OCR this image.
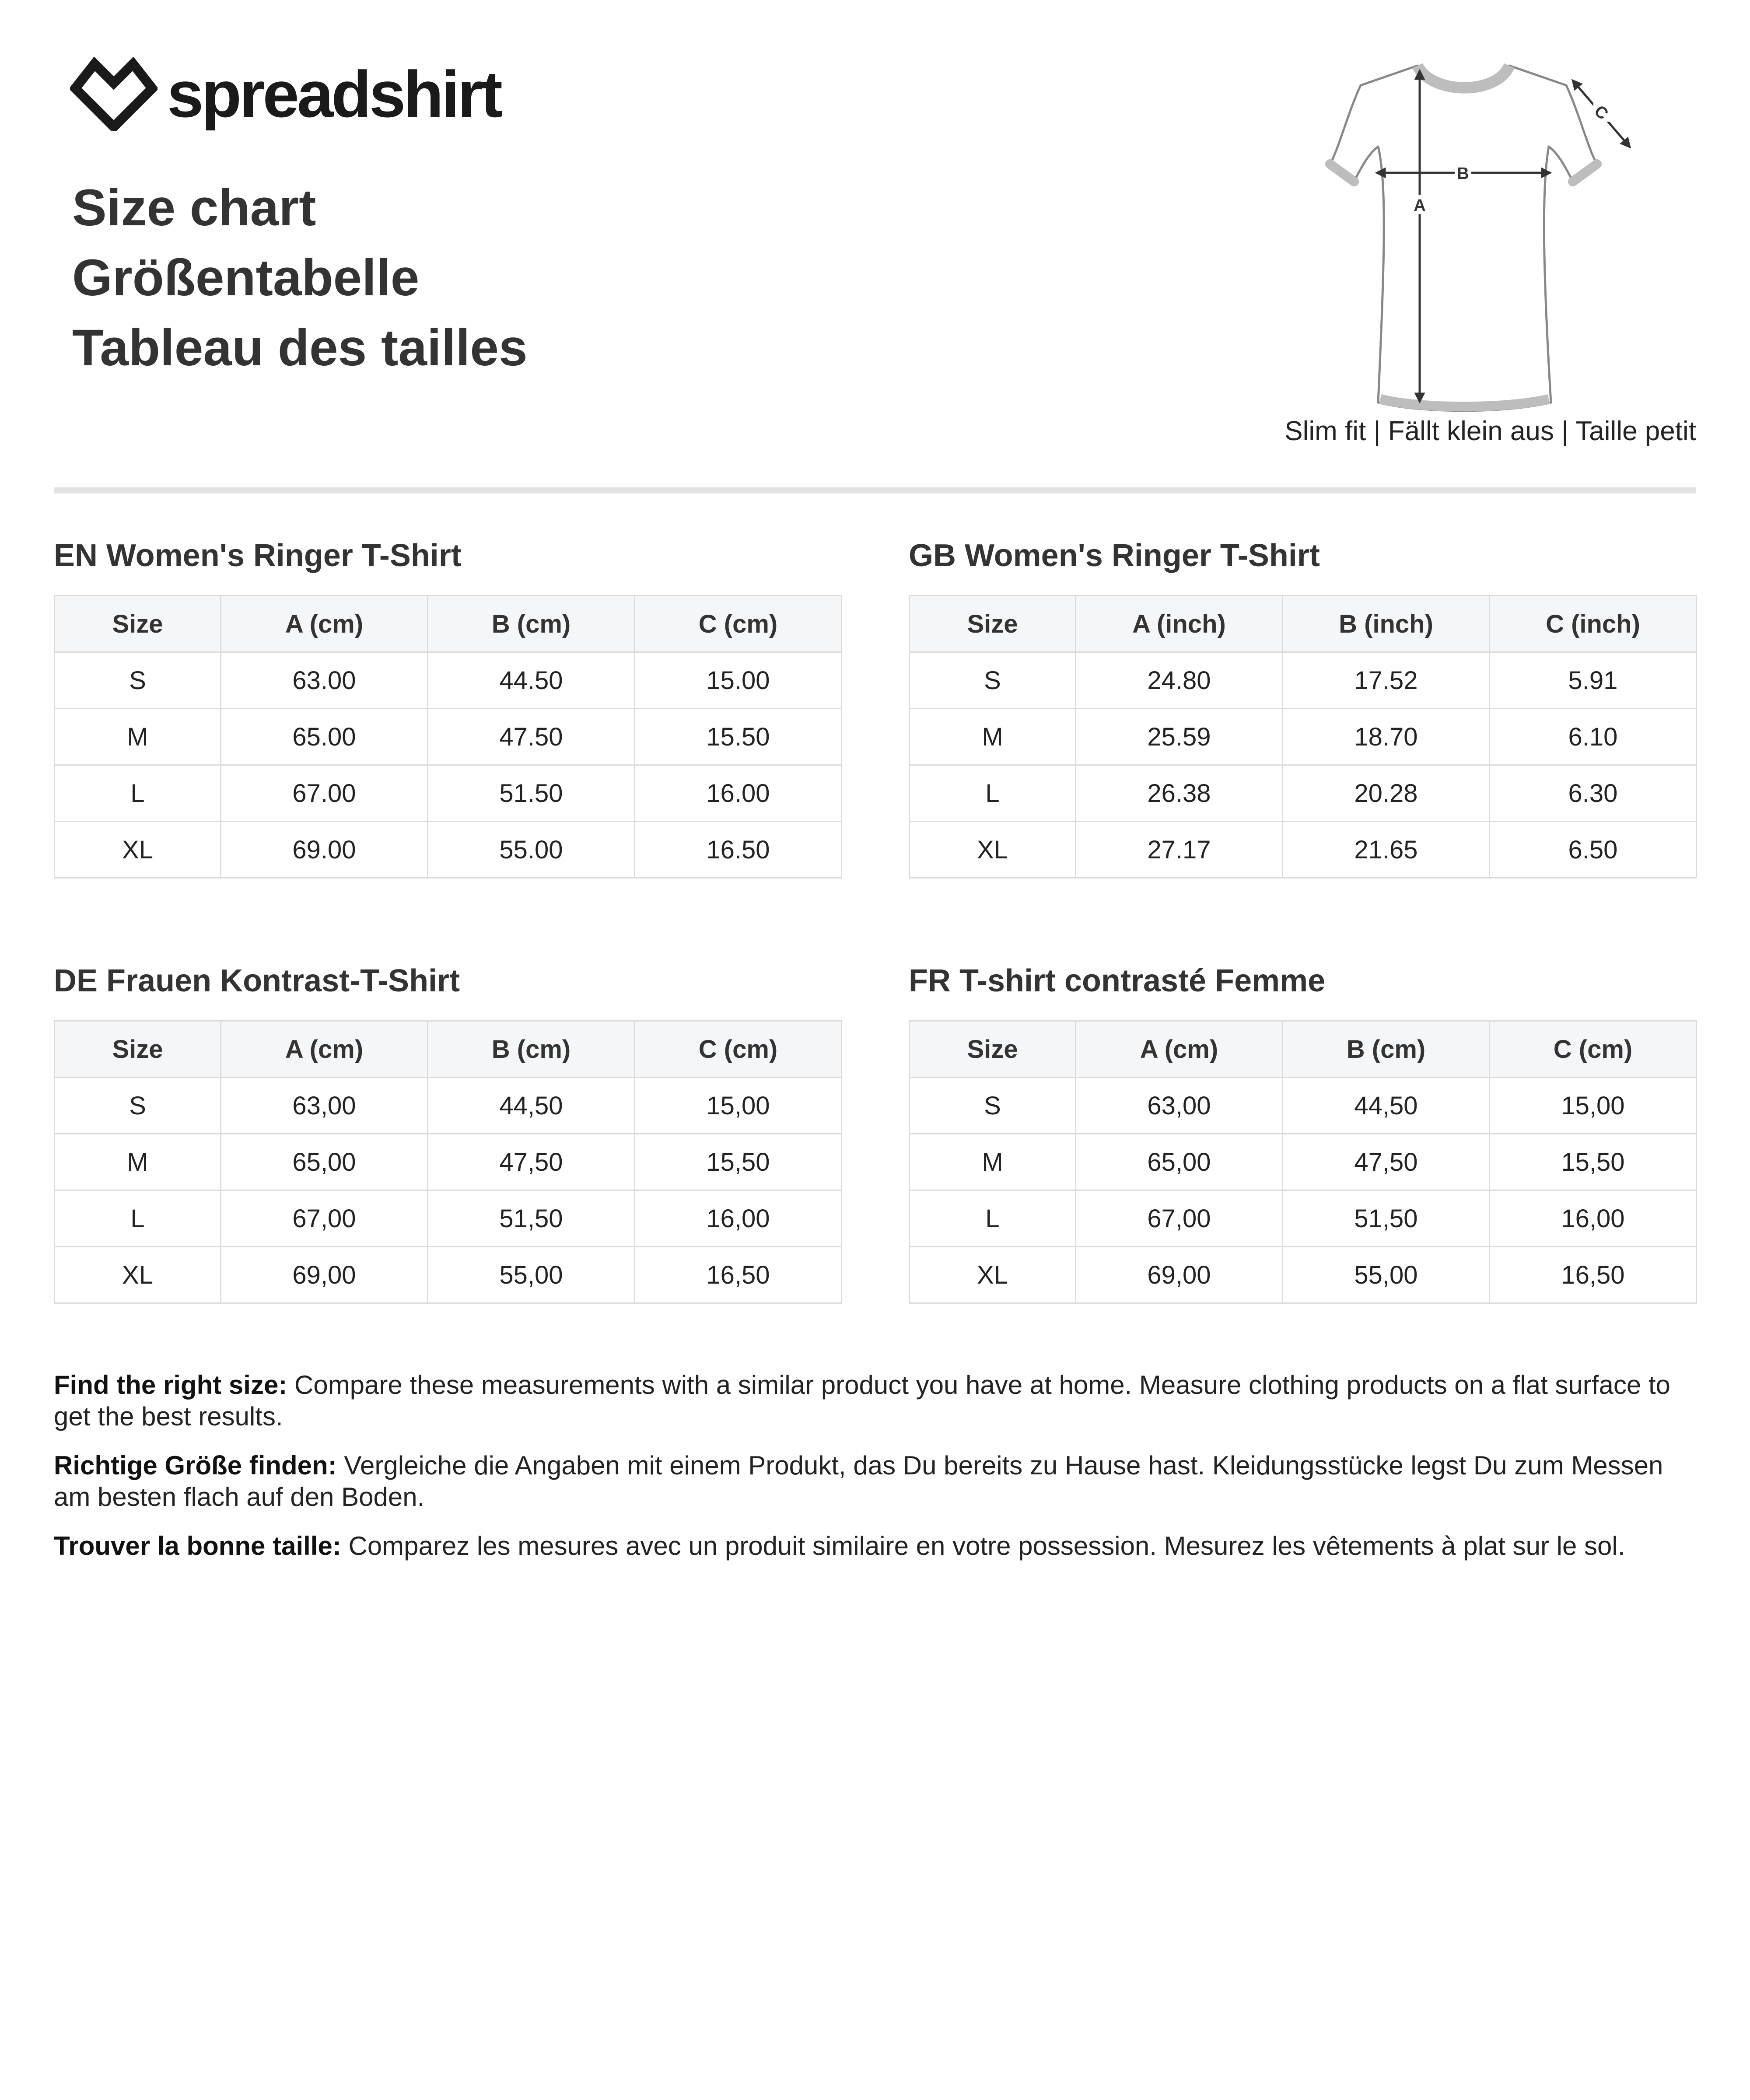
spreadshirt
Size chart
Größentabelle
Tableau des tailles
A
B
C
Slim fit | Fällt klein aus | Taille petit
EN Women's Ringer T-Shirt
Size	A (cm)	B (cm)	C (cm)
S	63.00	44.50	15.00
M	65.00	47.50	15.50
L	67.00	51.50	16.00
XL	69.00	55.00	16.50
GB Women's Ringer T-Shirt
Size	A (inch)	B (inch)	C (inch)
S	24.80	17.52	5.91
M	25.59	18.70	6.10
L	26.38	20.28	6.30
XL	27.17	21.65	6.50
DE Frauen Kontrast-T-Shirt
Size	A (cm)	B (cm)	C (cm)
S	63,00	44,50	15,00
M	65,00	47,50	15,50
L	67,00	51,50	16,00
XL	69,00	55,00	16,50
FR T-shirt contrasté Femme
Size	A (cm)	B (cm)	C (cm)
S	63,00	44,50	15,00
M	65,00	47,50	15,50
L	67,00	51,50	16,00
XL	69,00	55,00	16,50

Find the right size: Compare these measurements with a similar product you have at home. Measure clothing products on a flat surface to get the best results.

Richtige Größe finden: Vergleiche die Angaben mit einem Produkt, das Du bereits zu Hause hast. Kleidungsstücke legst Du zum Messen am besten flach auf den Boden.

Trouver la bonne taille: Comparez les mesures avec un produit similaire en votre possession. Mesurez les vêtements à plat sur le sol.
